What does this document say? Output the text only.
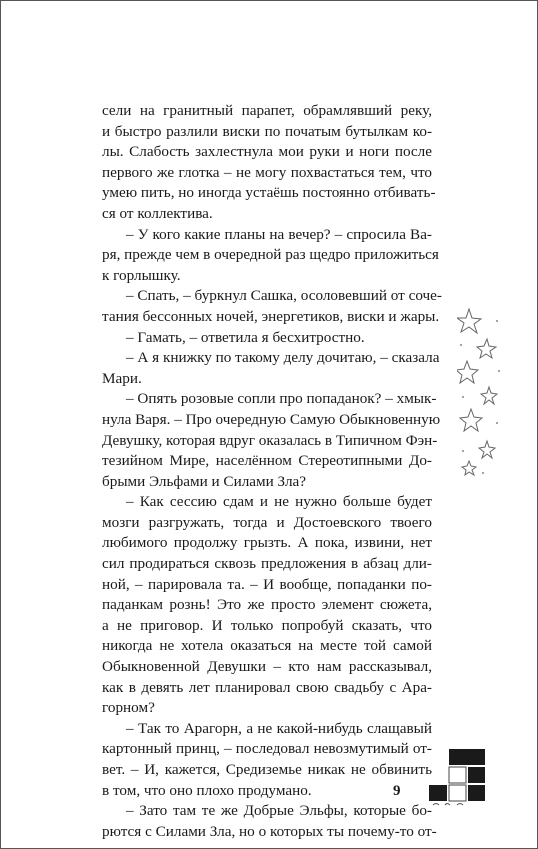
сели на гранитный парапет, обрамлявший реку,
и быстро разлили виски по початым бутылкам ко-
лы. Слабость захлестнула мои руки и ноги после
первого же глотка – не могу похвастаться тем, что
умею пить, но иногда устаёшь постоянно отбивать-
ся от коллектива.
– У кого какие планы на вечер? – спросила Ва-
ря, прежде чем в очередной раз щедро приложиться
к горлышку.
– Спать, – буркнул Сашка, осоловевший от соче-
тания бессонных ночей, энергетиков, виски и жары.
– Гамать, – ответила я бесхитростно.
– А я книжку по такому делу дочитаю, – сказала
Мари.
– Опять розовые сопли про попаданок? – хмык-
нула Варя. – Про очередную Самую Обыкновенную
Девушку, которая вдруг оказалась в Типичном Фэн-
тезийном Мире, населённом Стереотипными До-
брыми Эльфами и Силами Зла?
– Как сессию сдам и не нужно больше будет
мозги разгружать, тогда и Достоевского твоего
любимого продолжу грызть. А пока, извини, нет
сил продираться сквозь предложения в абзац дли-
ной, – парировала та. – И вообще, попаданки по-
паданкам рознь! Это же просто элемент сюжета,
а не приговор. И только попробуй сказать, что
никогда не хотела оказаться на месте той самой
Обыкновенной Девушки – кто нам рассказывал,
как в девять лет планировал свою свадьбу с Ара-
горном?
– Так то Арагорн, а не какой-нибудь слащавый
картонный принц, – последовал невозмутимый от-
вет. – И, кажется, Средиземье никак не обвинить
в том, что оно плохо продумано.
– Зато там те же Добрые Эльфы, которые бо-
рются с Силами Зла, но о которых ты почему-то от-
9
